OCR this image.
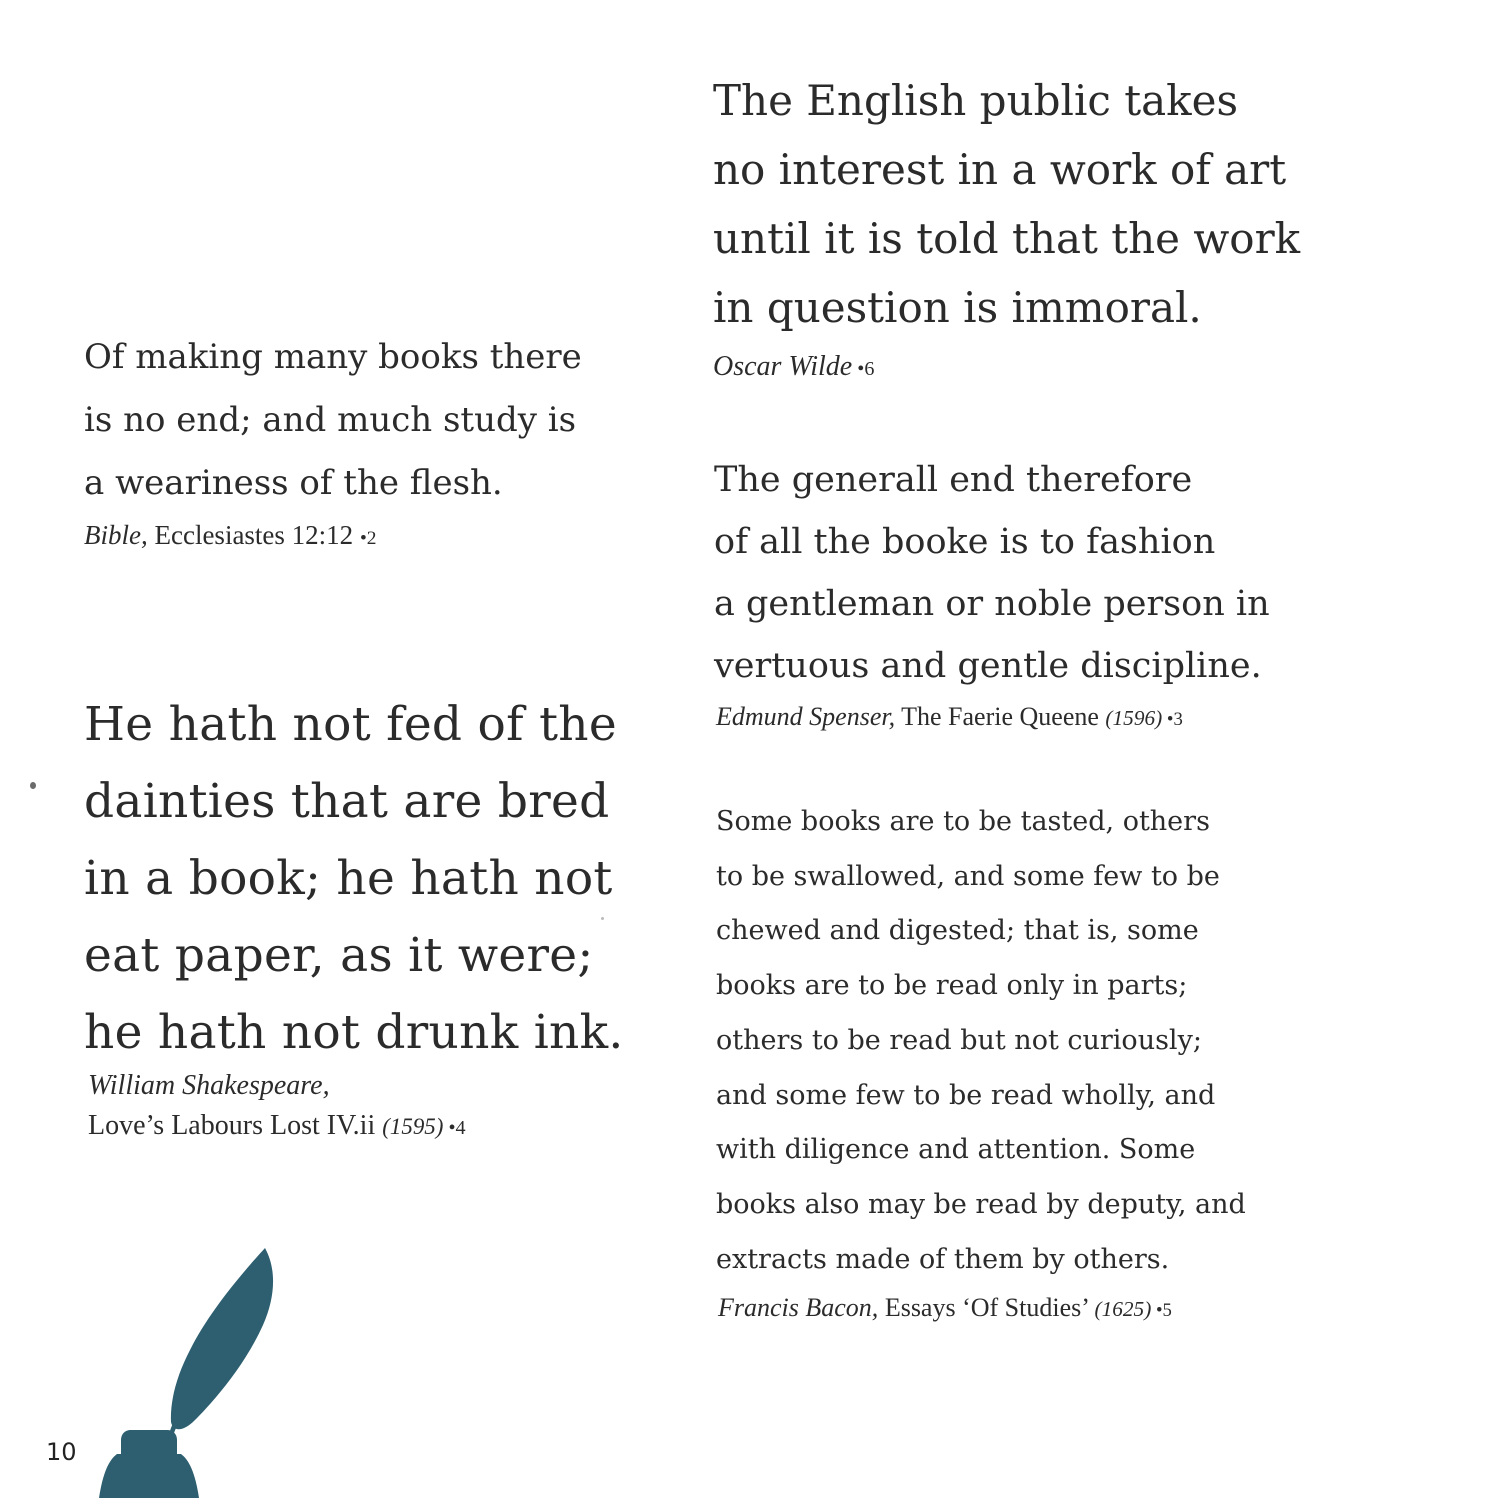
Of making many books there
is no end; and much study is
a weariness of the flesh.

Bible, Ecclesiastes 12:12 •2

He hath not fed of the
dainties that are bred
in a book; he hath not
eat paper, as it were;
he hath not drunk ink.

William Shakespeare,
Love’s Labours Lost IV.ii (1595) •4

The English public takes
no interest in a work of art
until it is told that the work
in question is immoral.

Oscar Wilde •6

The generall end therefore
of all the booke is to fashion
a gentleman or noble person in
vertuous and gentle discipline.

Edmund Spenser, The Faerie Queene (1596) •3

Some books are to be tasted, others
to be swallowed, and some few to be
chewed and digested; that is, some
books are to be read only in parts;
others to be read but not curiously;
and some few to be read wholly, and
with diligence and attention. Some
books also may be read by deputy, and
extracts made of them by others.

Francis Bacon, Essays ‘Of Studies’ (1625) •5
10
